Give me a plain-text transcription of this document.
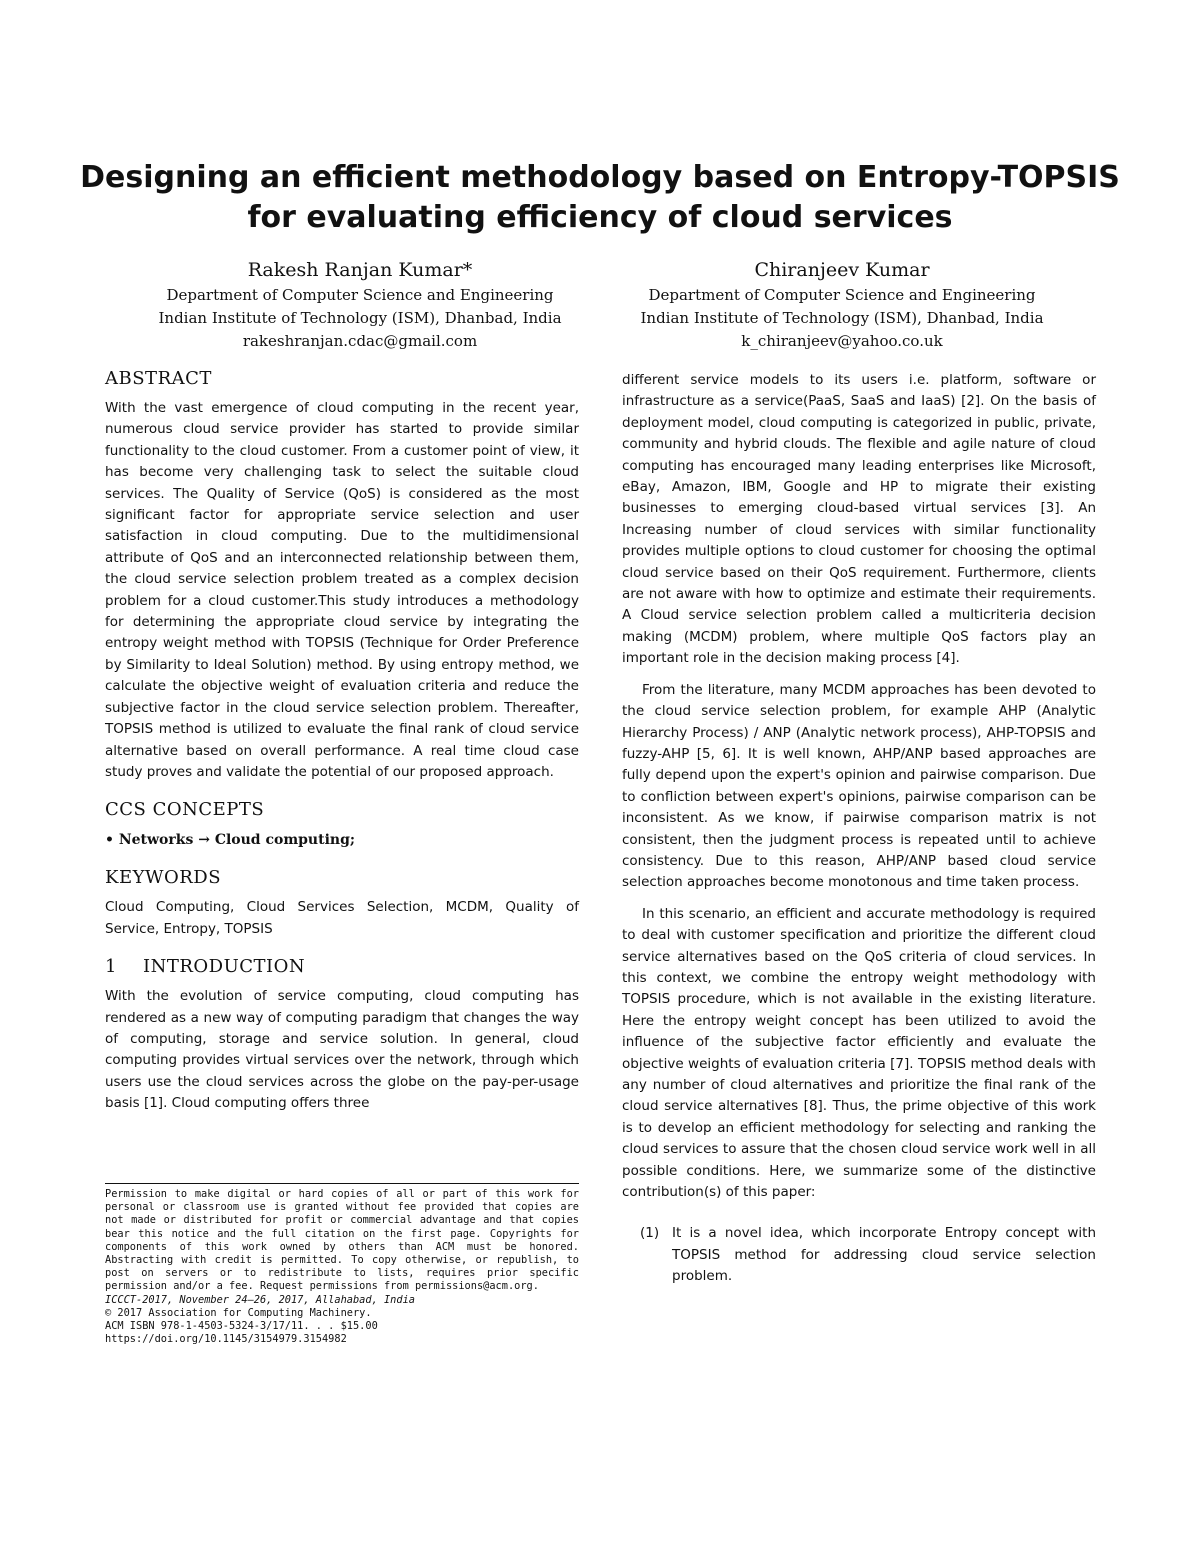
Designing an efficient methodology based on Entropy-TOPSIS
for evaluating efficiency of cloud services
Rakesh Ranjan Kumar*
Department of Computer Science and Engineering
Indian Institute of Technology (ISM), Dhanbad, India
rakeshranjan.cdac@gmail.com
Chiranjeev Kumar
Department of Computer Science and Engineering
Indian Institute of Technology (ISM), Dhanbad, India
k_chiranjeev@yahoo.co.uk
ABSTRACT

With the vast emergence of cloud computing in the recent year, numerous cloud service provider has started to provide similar functionality to the cloud customer. From a customer point of view, it has become very challenging task to select the suitable cloud services. The Quality of Service (QoS) is considered as the most significant factor for appropriate service selection and user satisfaction in cloud computing. Due to the multidimensional attribute of QoS and an interconnected relationship between them, the cloud service selection problem treated as a complex decision problem for a cloud customer.This study introduces a methodology for determining the appropriate cloud service by integrating the entropy weight method with TOPSIS (Technique for Order Preference by Similarity to Ideal Solution) method. By using entropy method, we calculate the objective weight of evaluation criteria and reduce the subjective factor in the cloud service selection problem. Thereafter, TOPSIS method is utilized to evaluate the final rank of cloud service alternative based on overall performance. A real time cloud case study proves and validate the potential of our proposed approach.

CCS CONCEPTS

• Networks → Cloud computing;

KEYWORDS

Cloud Computing, Cloud Services Selection, MCDM, Quality of Service, Entropy, TOPSIS

1 INTRODUCTION

With the evolution of service computing, cloud computing has rendered as a new way of computing paradigm that changes the way of computing, storage and service solution. In general, cloud computing provides virtual services over the network, through which users use the cloud services across the globe on the pay-per-usage basis [1]. Cloud computing offers three

Permission to make digital or hard copies of all or part of this work for personal or classroom use is granted without fee provided that copies are not made or distributed for profit or commercial advantage and that copies bear this notice and the full citation on the first page. Copyrights for components of this work owned by others than ACM must be honored. Abstracting with credit is permitted. To copy otherwise, or republish, to post on servers or to redistribute to lists, requires prior specific permission and/or a fee. Request permissions from permissions@acm.org.

ICCCT-2017, November 24–26, 2017, Allahabad, India

© 2017 Association for Computing Machinery.

ACM ISBN 978-1-4503-5324-3/17/11. . . $15.00

https://doi.org/10.1145/3154979.3154982

different service models to its users i.e. platform, software or infrastructure as a service(PaaS, SaaS and IaaS) [2]. On the basis of deployment model, cloud computing is categorized in public, private, community and hybrid clouds. The flexible and agile nature of cloud computing has encouraged many leading enterprises like Microsoft, eBay, Amazon, IBM, Google and HP to migrate their existing businesses to emerging cloud-based virtual services [3]. An Increasing number of cloud services with similar functionality provides multiple options to cloud customer for choosing the optimal cloud service based on their QoS requirement. Furthermore, clients are not aware with how to optimize and estimate their requirements. A Cloud service selection problem called a multicriteria decision making (MCDM) problem, where multiple QoS factors play an important role in the decision making process [4].

From the literature, many MCDM approaches has been devoted to the cloud service selection problem, for example AHP (Analytic Hierarchy Process) / ANP (Analytic network process), AHP-TOPSIS and fuzzy-AHP [5, 6]. It is well known, AHP/ANP based approaches are fully depend upon the expert's opinion and pairwise comparison. Due to confliction between expert's opinions, pairwise comparison can be inconsistent. As we know, if pairwise comparison matrix is not consistent, then the judgment process is repeated until to achieve consistency. Due to this reason, AHP/ANP based cloud service selection approaches become monotonous and time taken process.

In this scenario, an efficient and accurate methodology is required to deal with customer specification and prioritize the different cloud service alternatives based on the QoS criteria of cloud services. In this context, we combine the entropy weight methodology with TOPSIS procedure, which is not available in the existing literature. Here the entropy weight concept has been utilized to avoid the influence of the subjective factor efficiently and evaluate the objective weights of evaluation criteria [7]. TOPSIS method deals with any number of cloud alternatives and prioritize the final rank of the cloud service alternatives [8]. Thus, the prime objective of this work is to develop an efficient methodology for selecting and ranking the cloud services to assure that the chosen cloud service work well in all possible conditions. Here, we summarize some of the distinctive contribution(s) of this paper:

(1) It is a novel idea, which incorporate Entropy concept with TOPSIS method for addressing cloud service selection problem.
